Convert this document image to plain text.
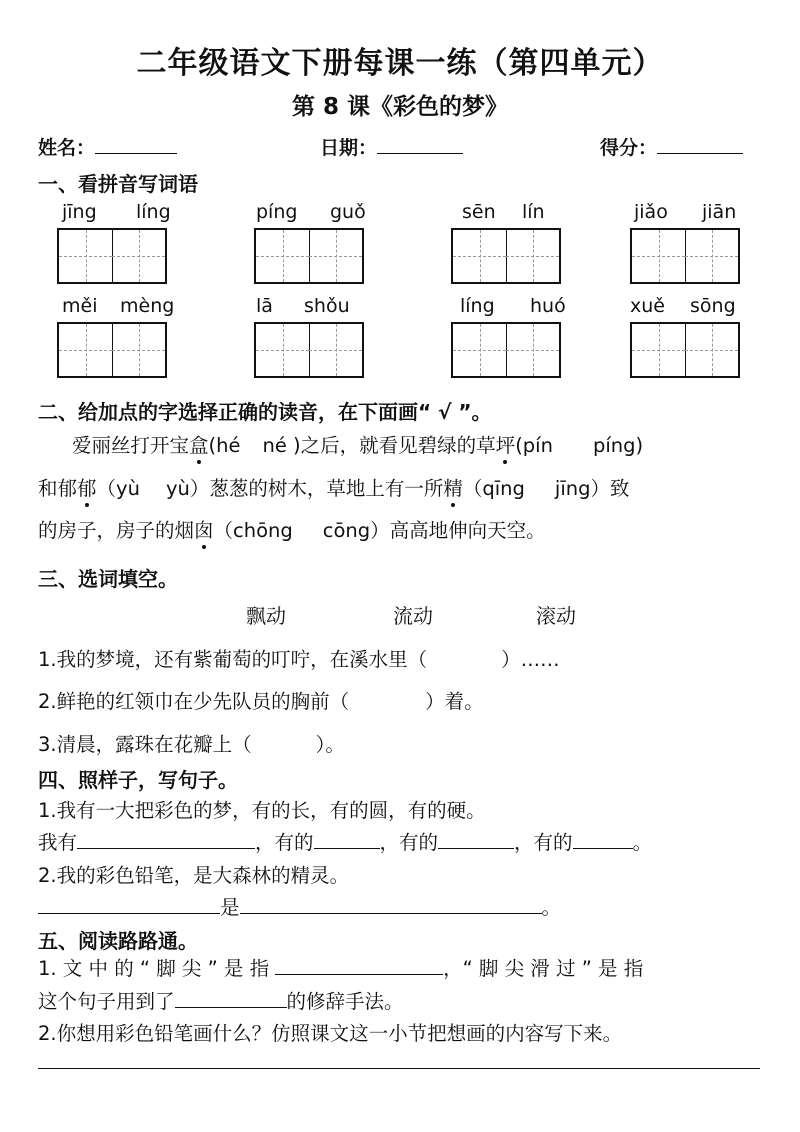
二年级语文下册每课一练（第四单元）
第 8 课《彩色的梦》
姓名：	日期：	得分：
一、看拼音写词语
jīng líng	píng guǒ	sēn lín	jiǎo jiān
měi mèng	lā shǒu	líng huó	xuě sōng
二、给加点的字选择正确的读音，在下面画“ √ ”。
爱丽丝打开宝盒(hé né )之后，就看见碧绿的草坪(pín píng)
和郁郁（yù yù）葱葱的树木，草地上有一所精（qīng jīng）致
的房子，房子的烟囱（chōng cōng）高高地伸向天空。
三、选词填空。
飘动	流动	滚动
1.我的梦境，还有紫葡萄的叮咛，在溪水里（	）……
2.鲜艳的红领巾在少先队员的胸前（	）着。
3.清晨，露珠在花瓣上（	）。
四、照样子，写句子。
1.我有一大把彩色的梦，有的长，有的圆，有的硬。
我有	，有的	，有的	，有的	。
2.我的彩色铅笔，是大森林的精灵。
是	。
五、阅读路路通。
1. 文 中 的 “ 脚 尖 ” 是 指	，“ 脚 尖 滑 过 ” 是 指
这个句子用到了	的修辞手法。
2.你想用彩色铅笔画什么？仿照课文这一小节把想画的内容写下来。
